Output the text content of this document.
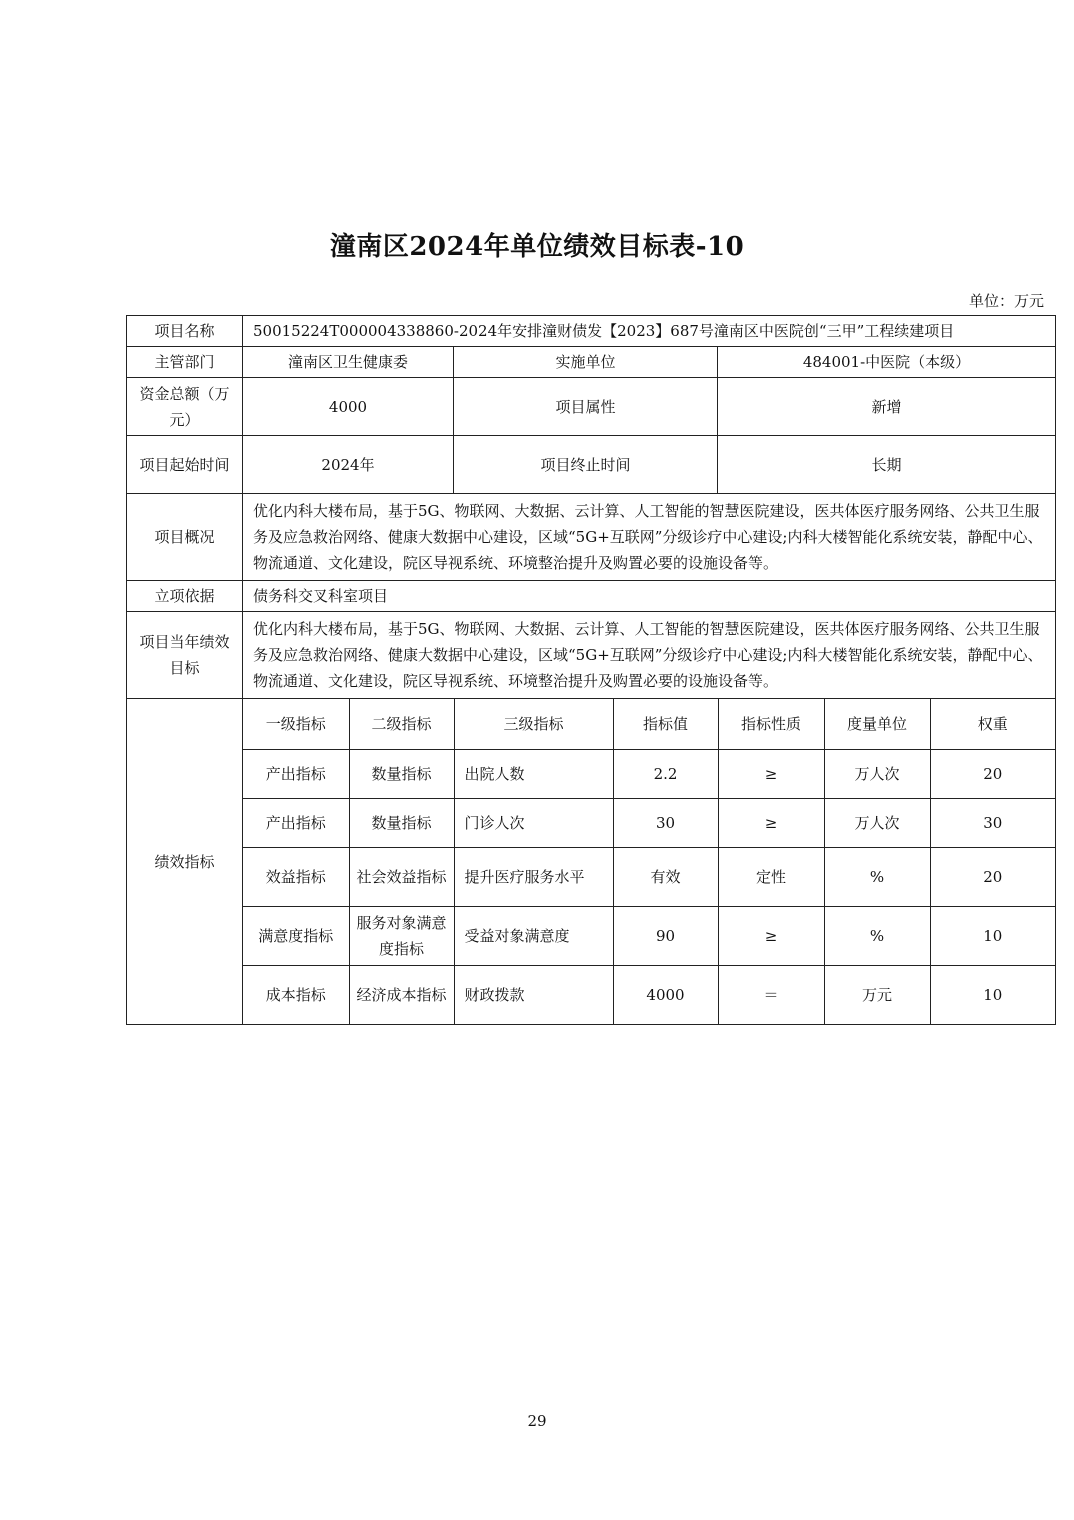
潼南区2024年单位绩效目标表-10
单位：万元
项目名称	50015224T000004338860-2024年安排潼财债发【2023】687号潼南区中医院创“三甲”工程续建项目
主管部门	潼南区卫生健康委	实施单位	484001-中医院（本级）
资金总额（万元）	4000	项目属性	新增
项目起始时间	2024年	项目终止时间	长期
项目概况	优化内科大楼布局，基于5G、物联网、大数据、云计算、人工智能的智慧医院建设，医共体医疗服务网络、公共卫生服务及应急救治网络、健康大数据中心建设，区域“5G+互联网”分级诊疗中心建设;内科大楼智能化系统安装，静配中心、物流通道、文化建设，院区导视系统、环境整治提升及购置必要的设施设备等。
立项依据	债务科交叉科室项目
项目当年绩效目标	优化内科大楼布局，基于5G、物联网、大数据、云计算、人工智能的智慧医院建设，医共体医疗服务网络、公共卫生服务及应急救治网络、健康大数据中心建设，区域“5G+互联网”分级诊疗中心建设;内科大楼智能化系统安装，静配中心、物流通道、文化建设，院区导视系统、环境整治提升及购置必要的设施设备等。
绩效指标	
一级指标	二级指标	三级指标	指标值	指标性质	度量单位	权重
产出指标	数量指标	出院人数	2.2	≥	万人次	20
产出指标	数量指标	门诊人次	30	≥	万人次	30
效益指标	社会效益指标	提升医疗服务水平	有效	定性	%	20
满意度指标	服务对象满意度指标	受益对象满意度	90	≥	%	10
成本指标	经济成本指标	财政拨款	4000	＝	万元	10
29
